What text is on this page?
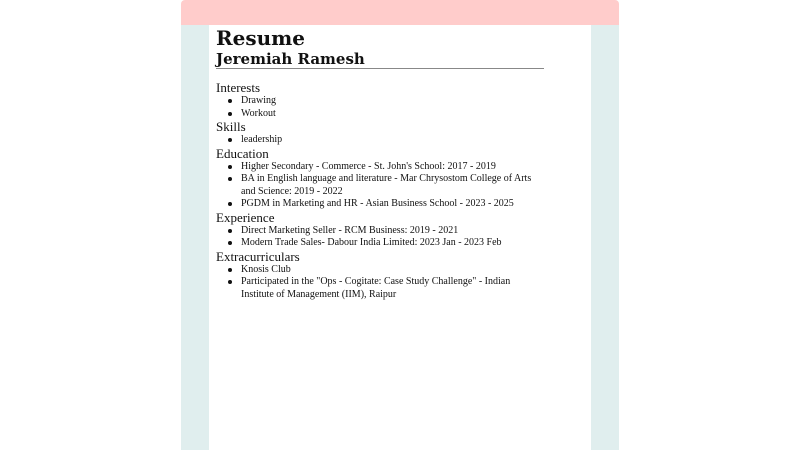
Resume
Jeremiah Ramesh
Interests
Drawing
Workout
Skills
leadership
Education
Higher Secondary - Commerce - St. John's School: 2017 - 2019
BA in English language and literature - Mar Chrysostom College of Arts and Science: 2019 - 2022
PGDM in Marketing and HR - Asian Business School - 2023 - 2025
Experience
Direct Marketing Seller - RCM Business: 2019 - 2021
Modern Trade Sales- Dabour India Limited: 2023 Jan - 2023 Feb
Extracurriculars
Knosis Club
Participated in the "Ops - Cogitate: Case Study Challenge" - Indian Institute of Management (IIM), Raipur
